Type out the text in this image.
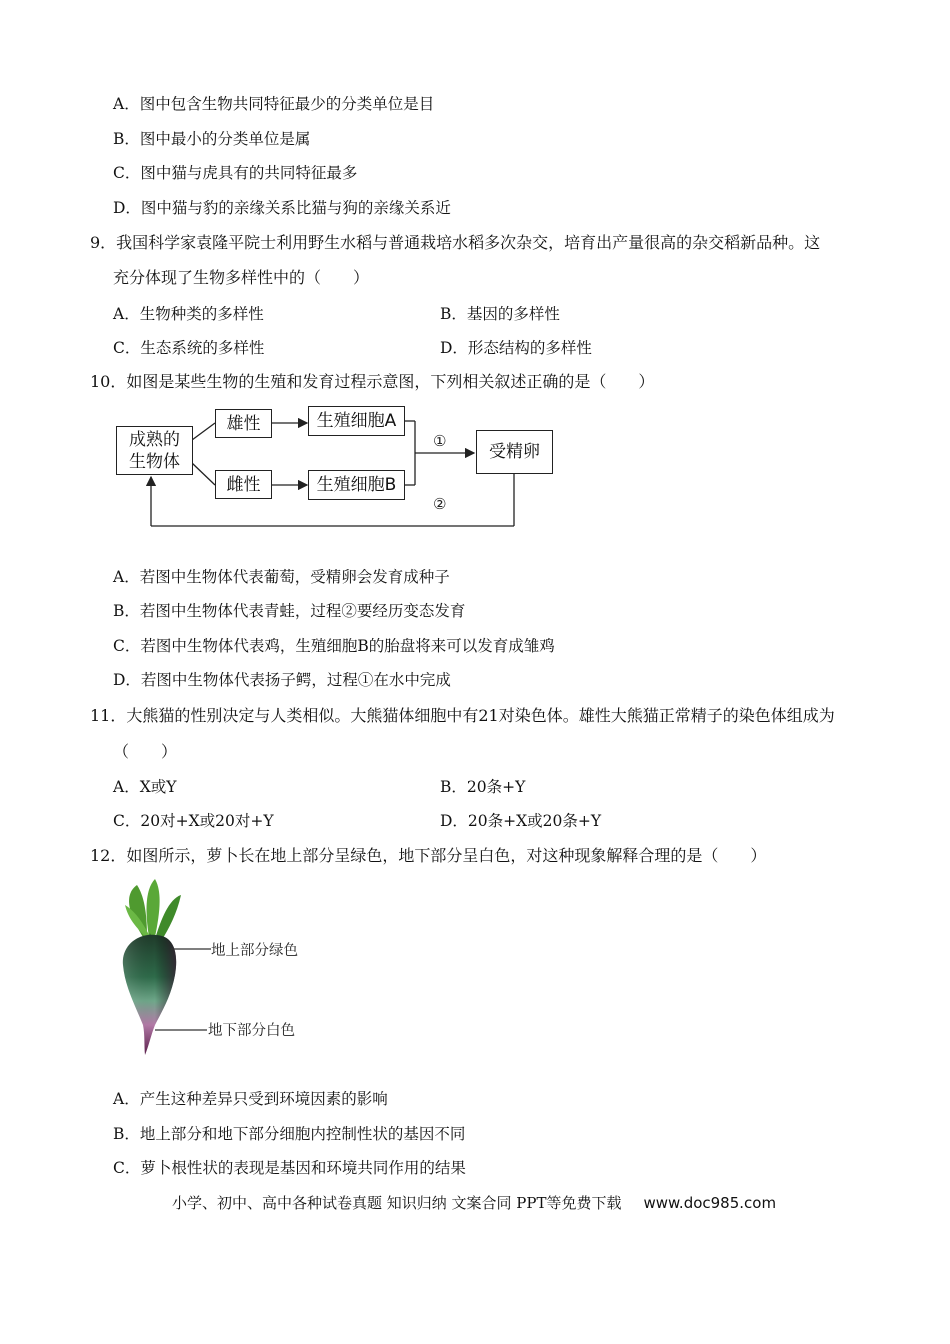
A．图中包含生物共同特征最少的分类单位是目
B．图中最小的分类单位是属
C．图中猫与虎具有的共同特征最多
D．图中猫与豹的亲缘关系比猫与狗的亲缘关系近
9．我国科学家袁隆平院士利用野生水稻与普通栽培水稻多次杂交，培育出产量很高的杂交稻新品种。这
充分体现了生物多样性中的（　　）
A．生物种类的多样性	B．基因的多样性
C．生态系统的多样性	D．形态结构的多样性
10．如图是某些生物的生殖和发育过程示意图，下列相关叙述正确的是（　　）
成熟的
生物体
雄性
雌性
生殖细胞A
生殖细胞B
受精卵
①
②
A．若图中生物体代表葡萄，受精卵会发育成种子
B．若图中生物体代表青蛙，过程②要经历变态发育
C．若图中生物体代表鸡，生殖细胞B的胎盘将来可以发育成雏鸡
D．若图中生物体代表扬子鳄，过程①在水中完成
11．大熊猫的性别决定与人类相似。大熊猫体细胞中有21对染色体。雄性大熊猫正常精子的染色体组成为
（　　）
A．X或Y	B．20条+Y
C．20对+X或20对+Y	D．20条+X或20条+Y
12．如图所示，萝卜长在地上部分呈绿色，地下部分呈白色，对这种现象解释合理的是（　　）
地上部分绿色
地下部分白色
A．产生这种差异只受到环境因素的影响
B．地上部分和地下部分细胞内控制性状的基因不同
C．萝卜根性状的表现是基因和环境共同作用的结果
小学、初中、高中各种试卷真题 知识归纳 文案合同 PPT等免费下载 www.doc985.com
